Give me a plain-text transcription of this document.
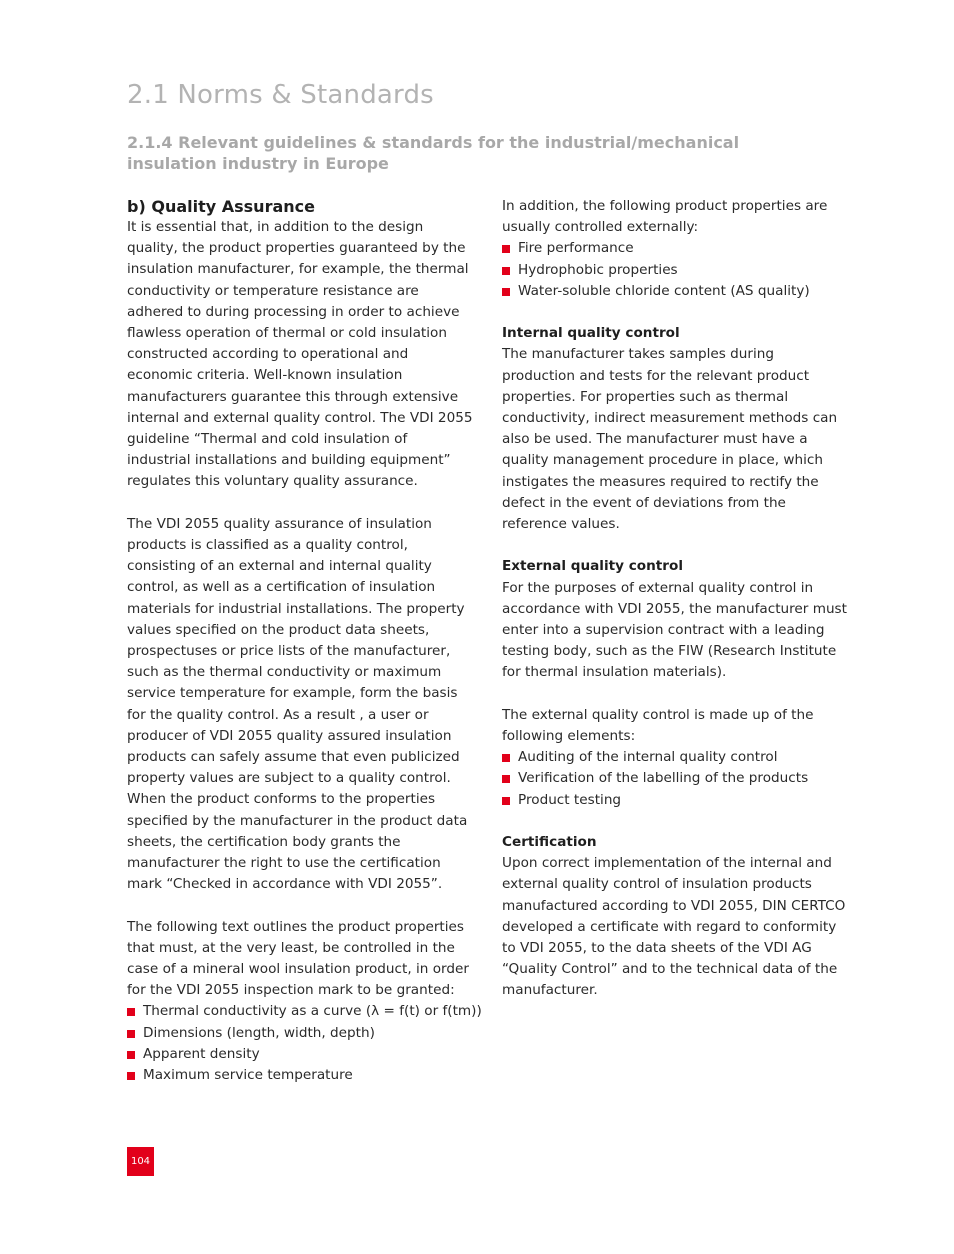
2.1 Norms & Standards
2.1.4 Relevant guidelines & standards for the industrial/mechanical insulation industry in Europe
b) Quality Assurance

It is essential that, in addition to the design quality, the product properties guaranteed by the insulation manufacturer, for example, the thermal conductivity or temperature resistance are adhered to during processing in order to achieve flawless operation of thermal or cold insulation constructed according to operational and economic criteria. Well-known insulation manufacturers guarantee this through extensive internal and external quality control. The VDI 2055 guideline “Thermal and cold insulation of industrial installations and building equipment” regulates this voluntary quality assurance.

The VDI 2055 quality assurance of insulation products is classified as a quality control, consisting of an external and internal quality control, as well as a certification of insulation materials for industrial installations. The property values specified on the product data sheets, prospectuses or price lists of the manufacturer, such as the thermal conductivity or maximum service temperature for example, form the basis for the quality control. As a result , a user or producer of VDI 2055 quality assured insulation products can safely assume that even publicized property values are subject to a quality control. When the product conforms to the properties specified by the manufacturer in the product data sheets, the certification body grants the manufacturer the right to use the certification mark “Checked in accordance with VDI 2055”.

The following text outlines the product properties that must, at the very least, be controlled in the case of a mineral wool insulation product, in order for the VDI 2055 inspection mark to be granted:

Thermal conductivity as a curve (λ = f(t) or f(tm))
Dimensions (length, width, depth)
Apparent density
Maximum service temperature

In addition, the following product properties are usually controlled externally:

Fire performance
Hydrophobic properties
Water-soluble chloride content (AS quality)
Internal quality control

The manufacturer takes samples during production and tests for the relevant product properties. For properties such as thermal conductivity, indirect measurement methods can also be used. The manufacturer must have a quality management procedure in place, which instigates the measures required to rectify the defect in the event of deviations from the reference values.

External quality control

For the purposes of external quality control in accordance with VDI 2055, the manufacturer must enter into a supervision contract with a leading testing body, such as the FIW (Research Institute for thermal insulation materials).

The external quality control is made up of the following elements:

Auditing of the internal quality control
Verification of the labelling of the products
Product testing
Certification

Upon correct implementation of the internal and external quality control of insulation products manufactured according to VDI 2055, DIN CERTCO developed a certificate with regard to conformity to VDI 2055, to the data sheets of the VDI AG “Quality Control” and to the technical data of the manufacturer.

104
